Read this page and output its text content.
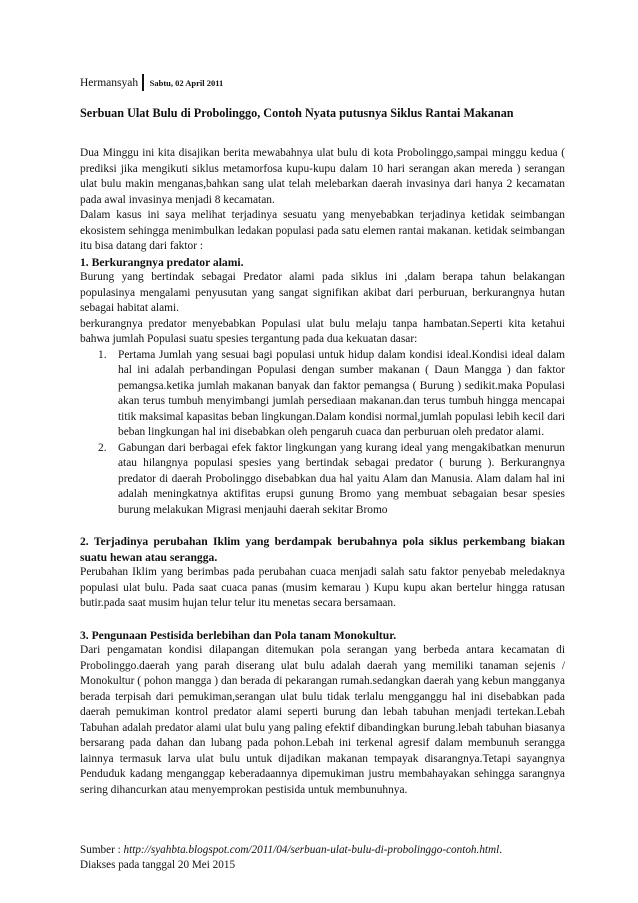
Hermansyah Sabtu, 02 April 2011
Serbuan Ulat Bulu di Probolinggo, Contoh Nyata putusnya Siklus Rantai Makanan

Dua Minggu ini kita disajikan berita mewabahnya ulat bulu di kota Probolinggo,sampai minggu kedua ( prediksi jika mengikuti siklus metamorfosa kupu-kupu dalam 10 hari serangan akan mereda ) serangan ulat bulu makin menganas,bahkan sang ulat telah melebarkan daerah invasinya dari hanya 2 kecamatan pada awal invasinya menjadi 8 kecamatan.

Dalam kasus ini saya melihat terjadinya sesuatu yang menyebabkan terjadinya ketidak seimbangan ekosistem sehingga menimbulkan ledakan populasi pada satu elemen rantai makanan. ketidak seimbangan itu bisa datang dari faktor :

1. Berkurangnya predator alami.

Burung yang bertindak sebagai Predator alami pada siklus ini ,dalam berapa tahun belakangan populasinya mengalami penyusutan yang sangat signifikan akibat dari perburuan, berkurangnya hutan sebagai habitat alami.

berkurangnya predator menyebabkan Populasi ulat bulu melaju tanpa hambatan.Seperti kita ketahui bahwa jumlah Populasi suatu spesies tergantung pada dua kekuatan dasar:

1. Pertama Jumlah yang sesuai bagi populasi untuk hidup dalam kondisi ideal.Kondisi ideal dalam hal ini adalah perbandingan Populasi dengan sumber makanan ( Daun Mangga ) dan faktor pemangsa.ketika jumlah makanan banyak dan faktor pemangsa ( Burung ) sedikit.maka Populasi akan terus tumbuh menyimbangi jumlah persediaan makanan.dan terus tumbuh hingga mencapai titik maksimal kapasitas beban lingkungan.Dalam kondisi normal,jumlah populasi lebih kecil dari beban lingkungan hal ini disebabkan oleh pengaruh cuaca dan perburuan oleh predator alami.
2. Gabungan dari berbagai efek faktor lingkungan yang kurang ideal yang mengakibatkan menurun atau hilangnya populasi spesies yang bertindak sebagai predator ( burung ). Berkurangnya predator di daerah Probolinggo disebabkan dua hal yaitu Alam dan Manusia. Alam dalam hal ini adalah meningkatnya aktifitas erupsi gunung Bromo yang membuat sebagaian besar spesies burung melakukan Migrasi menjauhi daerah sekitar Bromo
2. Terjadinya perubahan Iklim yang berdampak berubahnya pola siklus perkembang biakan suatu hewan atau serangga.

Perubahan Iklim yang berimbas pada perubahan cuaca menjadi salah satu faktor penyebab meledaknya populasi ulat bulu. Pada saat cuaca panas (musim kemarau ) Kupu kupu akan bertelur hingga ratusan butir.pada saat musim hujan telur telur itu menetas secara bersamaan.

3. Pengunaan Pestisida berlebihan dan Pola tanam Monokultur.

Dari pengamatan kondisi dilapangan ditemukan pola serangan yang berbeda antara kecamatan di Probolinggo.daerah yang parah diserang ulat bulu adalah daerah yang memiliki tanaman sejenis / Monokultur ( pohon mangga ) dan berada di pekarangan rumah.sedangkan daerah yang kebun mangganya berada terpisah dari pemukiman,serangan ulat bulu tidak terlalu mengganggu hal ini disebabkan pada daerah pemukiman kontrol predator alami seperti burung dan lebah tabuhan menjadi tertekan.Lebah Tabuhan adalah predator alami ulat bulu yang paling efektif dibandingkan burung.lebah tabuhan biasanya bersarang pada dahan dan lubang pada pohon.Lebah ini terkenal agresif dalam membunuh serangga lainnya termasuk larva ulat bulu untuk dijadikan makanan tempayak disarangnya.Tetapi sayangnya Penduduk kadang menganggap keberadaannya dipemukiman justru membahayakan sehingga sarangnya sering dihancurkan atau menyemprokan pestisida untuk membunuhnya.

Sumber : http://syahbta.blogspot.com/2011/04/serbuan-ulat-bulu-di-probolinggo-contoh.html.
Diakses pada tanggal 20 Mei 2015
